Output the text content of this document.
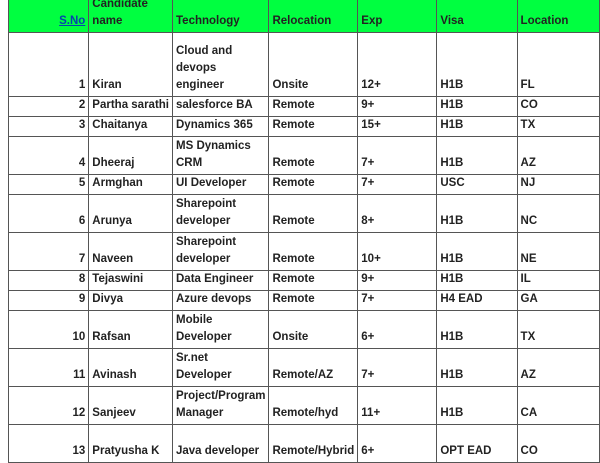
S.No	Candidate name	Technology	Relocation	Exp	Visa	Location
1	Kiran	Cloud and devops engineer	Onsite	12+	H1B	FL
2	Partha sarathi	salesforce BA	Remote	9+	H1B	CO
3	Chaitanya	Dynamics 365	Remote	15+	H1B	TX
4	Dheeraj	MS Dynamics CRM	Remote	7+	H1B	AZ
5	Armghan	UI Developer	Remote	7+	USC	NJ
6	Arunya	Sharepoint developer	Remote	8+	H1B	NC
7	Naveen	Sharepoint developer	Remote	10+	H1B	NE
8	Tejaswini	Data Engineer	Remote	9+	H1B	IL
9	Divya	Azure devops	Remote	7+	H4 EAD	GA
10	Rafsan	Mobile Developer	Onsite	6+	H1B	TX
11	Avinash	Sr.net Developer	Remote/AZ	7+	H1B	AZ
12	Sanjeev	Project/Program Manager	Remote/hyd	11+	H1B	CA
13	Pratyusha K	Java developer	Remote/Hybrid	6+	OPT EAD	CO
